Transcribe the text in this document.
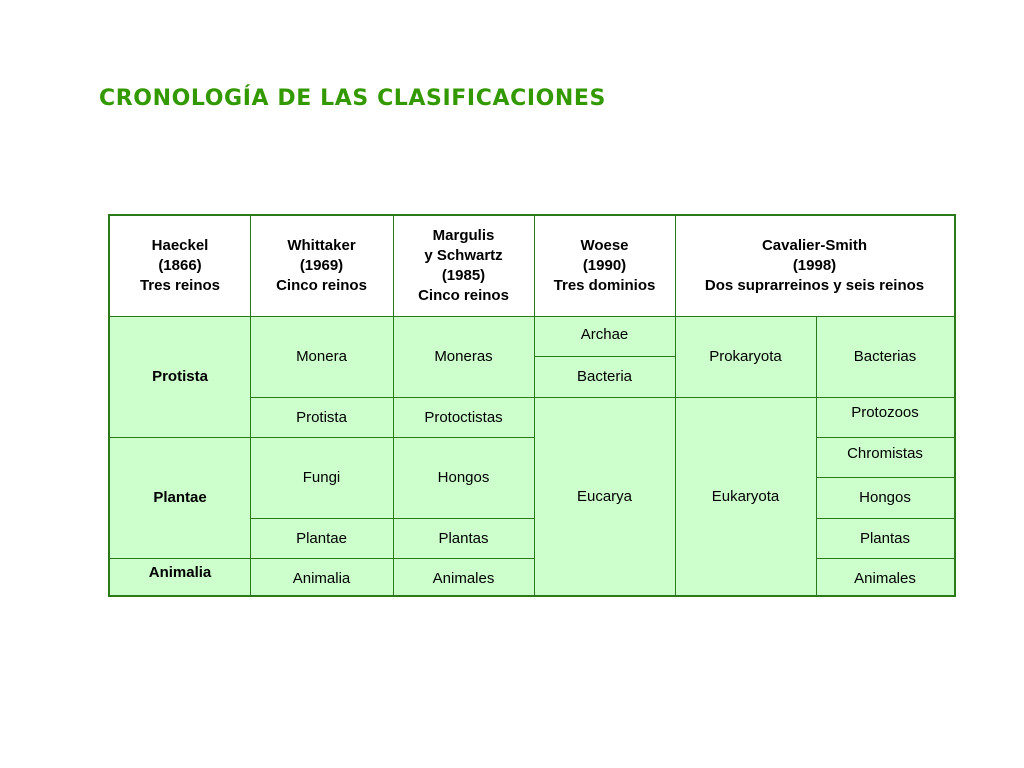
CRONOLOGÍA DE LAS CLASIFICACIONES
Haeckel
(1866)
Tres reinos
Whittaker
(1969)
Cinco reinos
Margulis
y Schwartz
(1985)
Cinco reinos
Woese
(1990)
Tres dominios
Cavalier-Smith
(1998)
Dos suprarreinos y seis reinos
Protista
Plantae
Animalia
Monera
Protista
Fungi
Plantae
Animalia
Moneras
Protoctistas
Hongos
Plantas
Animales
Archae
Bacteria
Eucarya
Prokaryota
Eukaryota
Bacterias
Protozoos
Chromistas
Hongos
Plantas
Animales
